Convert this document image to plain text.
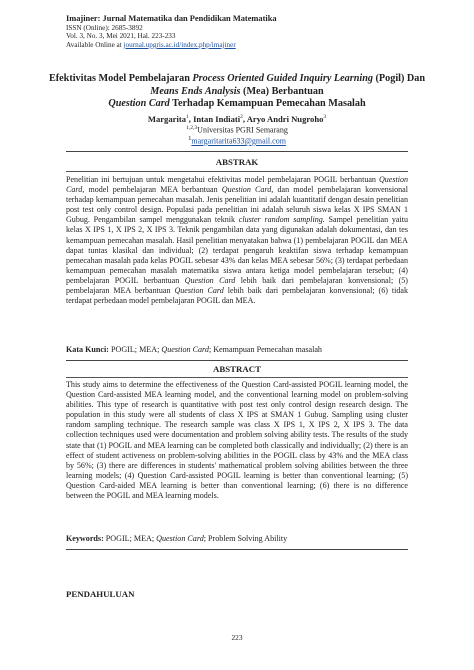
Imajiner: Jurnal Matematika dan Pendidikan Matematika
ISSN (Online): 2685-3892
Vol. 3, No. 3, Mei 2021, Hal. 223-233
Available Online at journal.upgris.ac.id/index.php/imajiner
Efektivitas Model Pembelajaran Process Oriented Guided Inquiry Learning (Pogil) Dan Means Ends Analysis (Mea) Berbantuan
Question Card Terhadap Kemampuan Pemecahan Masalah
Margarita$^1$, Intan Indiati$^2$, Aryo Andri Nugroho$^3$
$^{1,2,3}$Universitas PGRI Semarang
$^1$margaritarita633@gmail.com
ABSTRAK
Penelitian ini bertujuan untuk mengetahui efektivitas model pembelajaran POGIL berbantuan Question Card, model pembelajaran MEA berbantuan Question Card, dan model pembelajaran konvensional terhadap kemampuan pemecahan masalah. Jenis penelitian ini adalah kuantitatif dengan desain penelitian post test only control design. Populasi pada penelitian ini adalah seluruh siswa kelas X IPS SMAN 1 Gubug. Pengambilan sampel menggunakan teknik cluster random sampling. Sampel penelitian yaitu kelas X IPS 1, X IPS 2, X IPS 3. Teknik pengambilan data yang digunakan adalah dokumentasi, dan tes kemampuan pemecahan masalah. Hasil penelitian menyatakan bahwa (1) pembelajaran POGIL dan MEA dapat tuntas klasikal dan individual; (2) terdapat pengaruh keaktifan siswa terhadap kemampuan pemecahan masalah pada kelas POGIL sebesar 43% dan kelas MEA sebesar 56%; (3) terdapat perbedaan kemampuan pemecahan masalah matematika siswa antara ketiga model pembelajaran tersebut; (4) pembelajaran POGIL berbantuan Question Card lebih baik dari pembelajaran konvensional; (5) pembelajaran MEA berbantuan Question Card lebih baik dari pembelajaran konvensional; (6) tidak terdapat perbedaan model pembelajaran POGIL dan MEA.
Kata Kunci: POGIL; MEA; Question Card; Kemampuan Pemecahan masalah
ABSTRACT
This study aims to determine the effectiveness of the Question Card-assisted POGIL learning model, the Question Card-assisted MEA learning model, and the conventional learning model on problem-solving abilities. This type of research is quantitative with post test only control design research design. The population in this study were all students of class X IPS at SMAN 1 Gubug. Sampling using cluster random sampling technique. The research sample was class X IPS 1, X IPS 2, X IPS 3. The data collection techniques used were documentation and problem solving ability tests. The results of the study state that (1) POGIL and MEA learning can be completed both classically and individually; (2) there is an effect of student activeness on problem-solving abilities in the POGIL class by 43% and the MEA class by 56%; (3) there are differences in students' mathematical problem solving abilities between the three learning models; (4) Question Card-assisted POGIL learning is better than conventional learning; (5) Question Card-aided MEA learning is better than conventional learning; (6) there is no difference between the POGIL and MEA learning models.
Keywords: POGIL; MEA; Question Card; Problem Solving Ability
PENDAHULUAN
223
